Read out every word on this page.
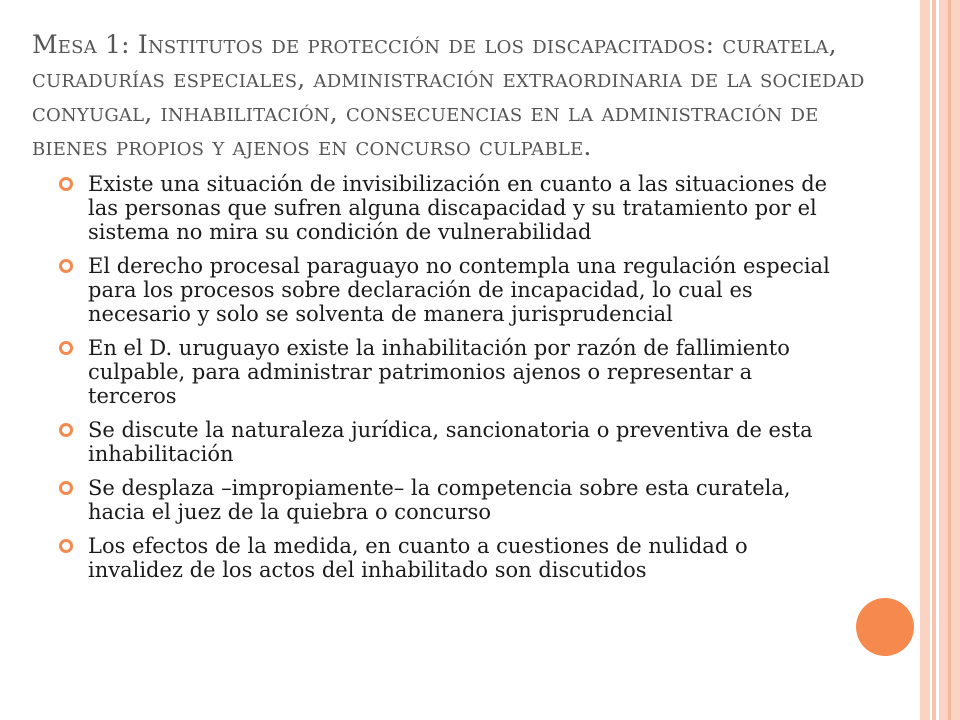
Mesa 1: Institutos de protección de los discapacitados: curatela, curadurías especiales, administración extraordinaria de la sociedad conyugal, inhabilitación, consecuencias en la administración de bienes propios y ajenos en concurso culpable.
Existe una situación de invisibilización en cuanto a las situaciones de las personas que sufren alguna discapacidad y su tratamiento por el sistema no mira su condición de vulnerabilidad
El derecho procesal paraguayo no contempla una regulación especial para los procesos sobre declaración de incapacidad, lo cual es necesario y solo se solventa de manera jurisprudencial
En el D. uruguayo existe la inhabilitación por razón de fallimiento culpable, para administrar patrimonios ajenos o representar a terceros
Se discute la naturaleza jurídica, sancionatoria o preventiva de esta inhabilitación
Se desplaza –impropiamente– la competencia sobre esta curatela, hacia el juez de la quiebra o concurso
Los efectos de la medida, en cuanto a cuestiones de nulidad o invalidez de los actos del inhabilitado son discutidos
